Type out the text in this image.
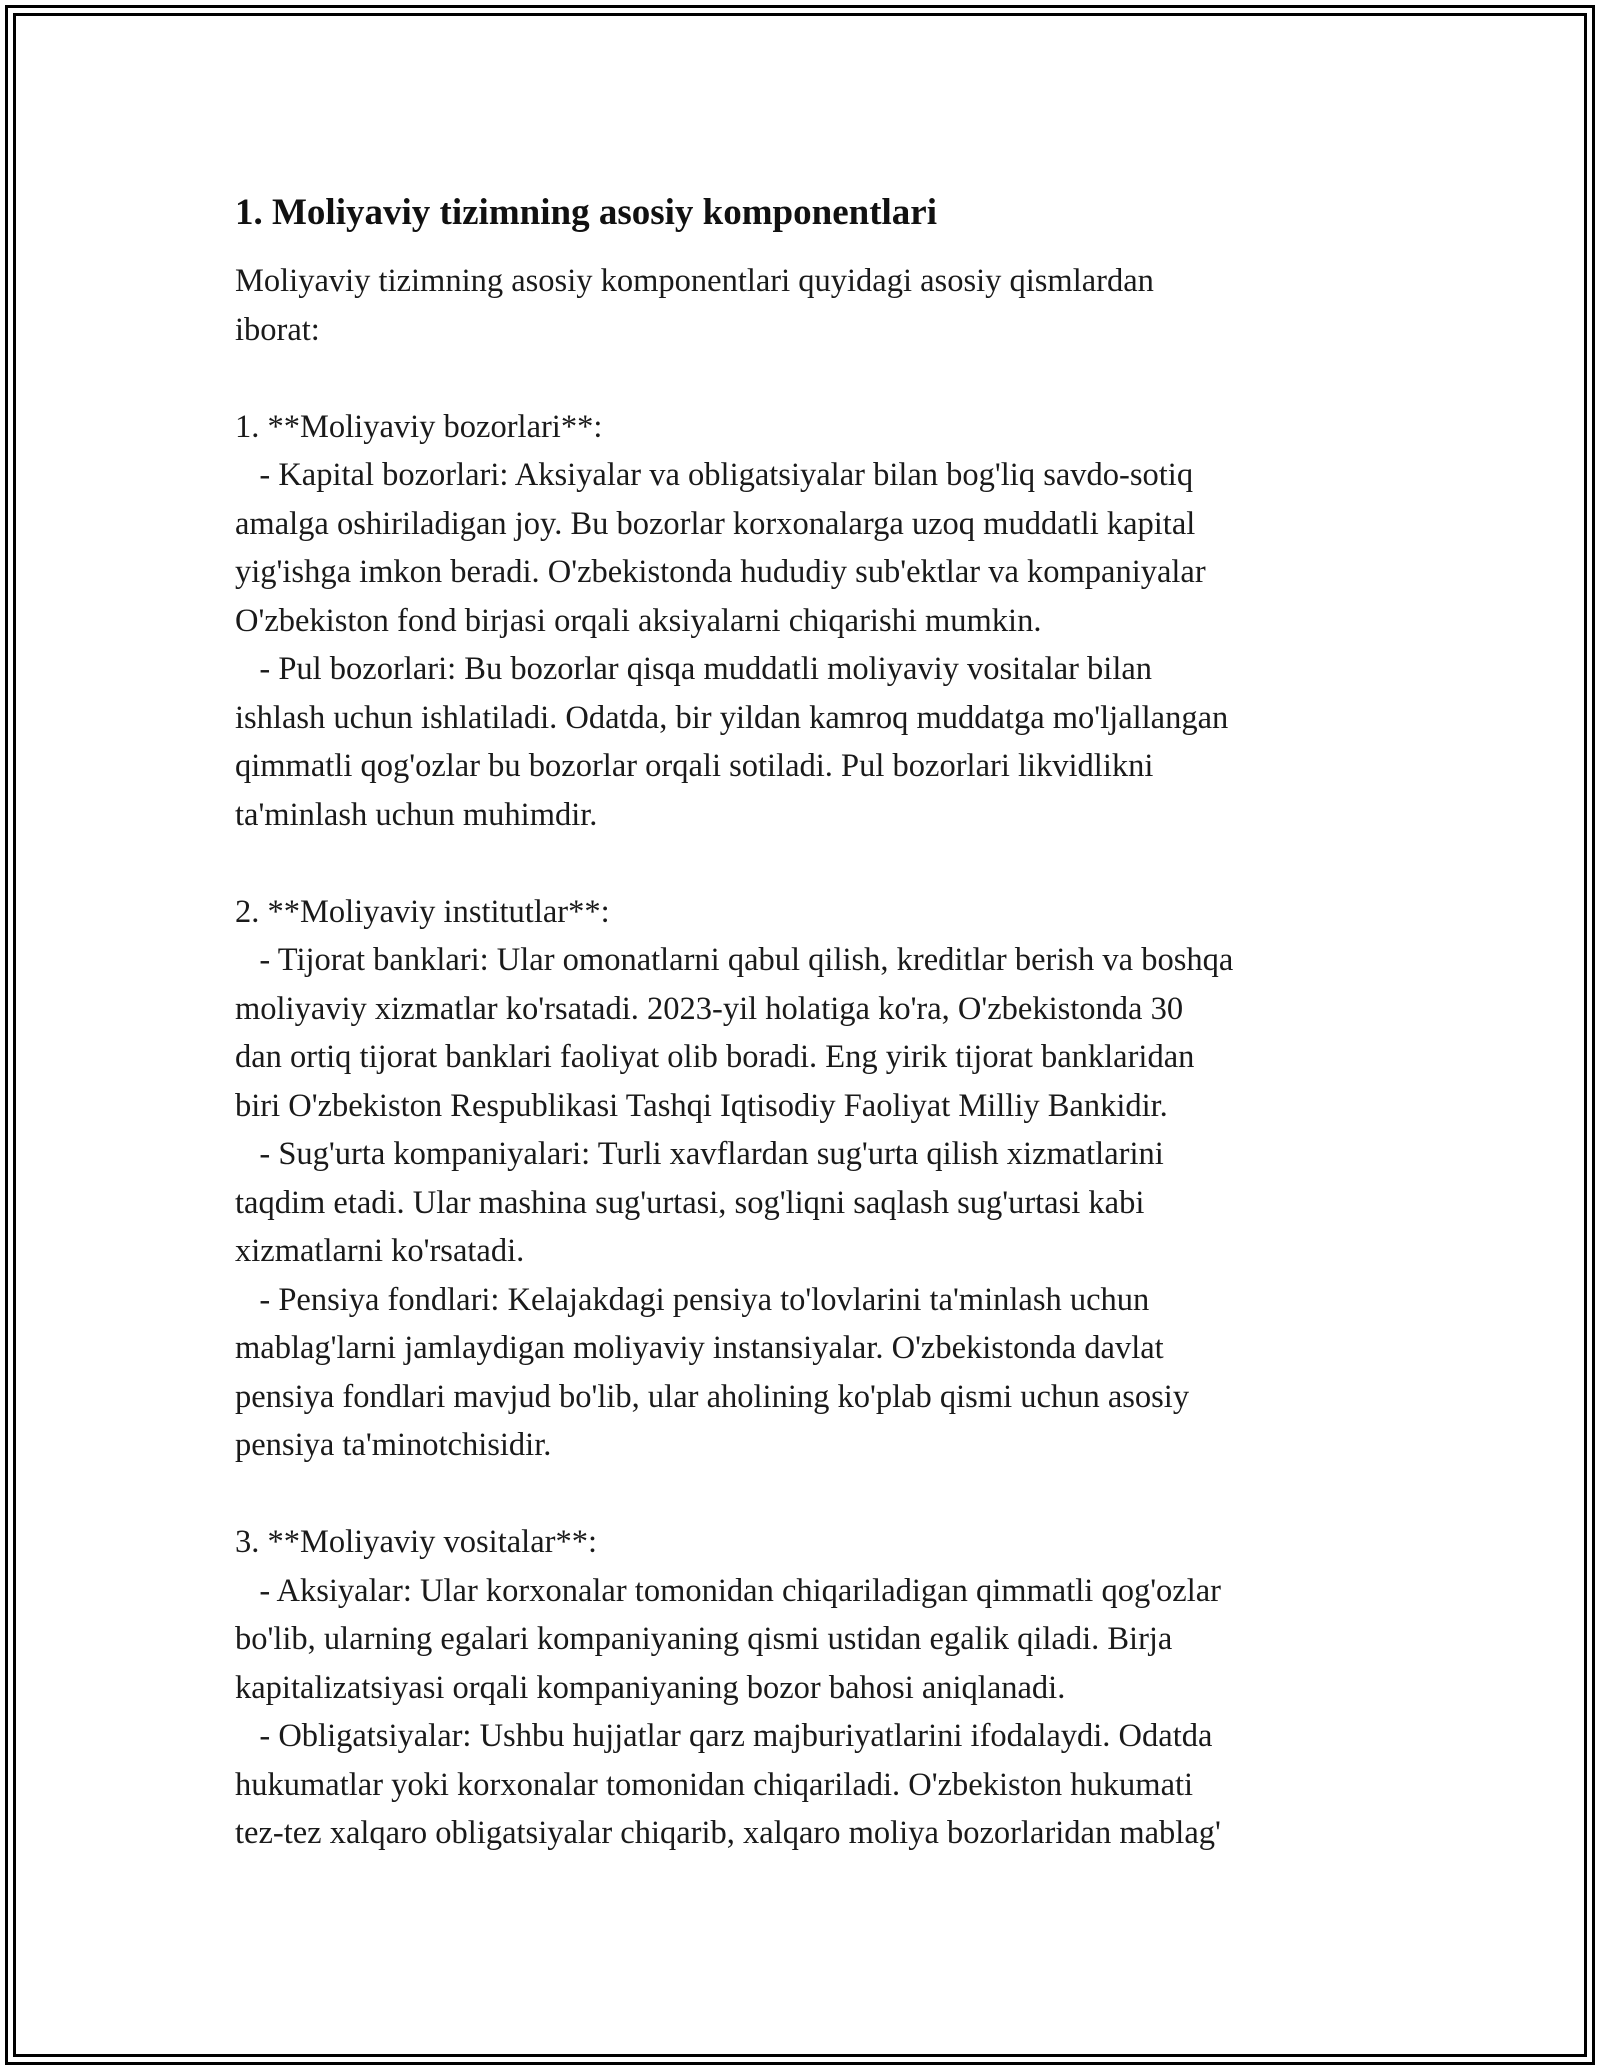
1. Moliyaviy tizimning asosiy komponentlari
Moliyaviy tizimning asosiy komponentlari quyidagi asosiy qismlardan
iborat:
1. **Moliyaviy bozorlari**:
- Kapital bozorlari: Aksiyalar va obligatsiyalar bilan bog'liq savdo-sotiq
amalga oshiriladigan joy. Bu bozorlar korxonalarga uzoq muddatli kapital
yig'ishga imkon beradi. O'zbekistonda hududiy sub'ektlar va kompaniyalar
O'zbekiston fond birjasi orqali aksiyalarni chiqarishi mumkin.
- Pul bozorlari: Bu bozorlar qisqa muddatli moliyaviy vositalar bilan
ishlash uchun ishlatiladi. Odatda, bir yildan kamroq muddatga mo'ljallangan
qimmatli qog'ozlar bu bozorlar orqali sotiladi. Pul bozorlari likvidlikni
ta'minlash uchun muhimdir.
2. **Moliyaviy institutlar**:
- Tijorat banklari: Ular omonatlarni qabul qilish, kreditlar berish va boshqa
moliyaviy xizmatlar ko'rsatadi. 2023-yil holatiga ko'ra, O'zbekistonda 30
dan ortiq tijorat banklari faoliyat olib boradi. Eng yirik tijorat banklaridan
biri O'zbekiston Respublikasi Tashqi Iqtisodiy Faoliyat Milliy Bankidir.
- Sug'urta kompaniyalari: Turli xavflardan sug'urta qilish xizmatlarini
taqdim etadi. Ular mashina sug'urtasi, sog'liqni saqlash sug'urtasi kabi
xizmatlarni ko'rsatadi.
- Pensiya fondlari: Kelajakdagi pensiya to'lovlarini ta'minlash uchun
mablag'larni jamlaydigan moliyaviy instansiyalar. O'zbekistonda davlat
pensiya fondlari mavjud bo'lib, ular aholining ko'plab qismi uchun asosiy
pensiya ta'minotchisidir.
3. **Moliyaviy vositalar**:
- Aksiyalar: Ular korxonalar tomonidan chiqariladigan qimmatli qog'ozlar
bo'lib, ularning egalari kompaniyaning qismi ustidan egalik qiladi. Birja
kapitalizatsiyasi orqali kompaniyaning bozor bahosi aniqlanadi.
- Obligatsiyalar: Ushbu hujjatlar qarz majburiyatlarini ifodalaydi. Odatda
hukumatlar yoki korxonalar tomonidan chiqariladi. O'zbekiston hukumati
tez-tez xalqaro obligatsiyalar chiqarib, xalqaro moliya bozorlaridan mablag'
